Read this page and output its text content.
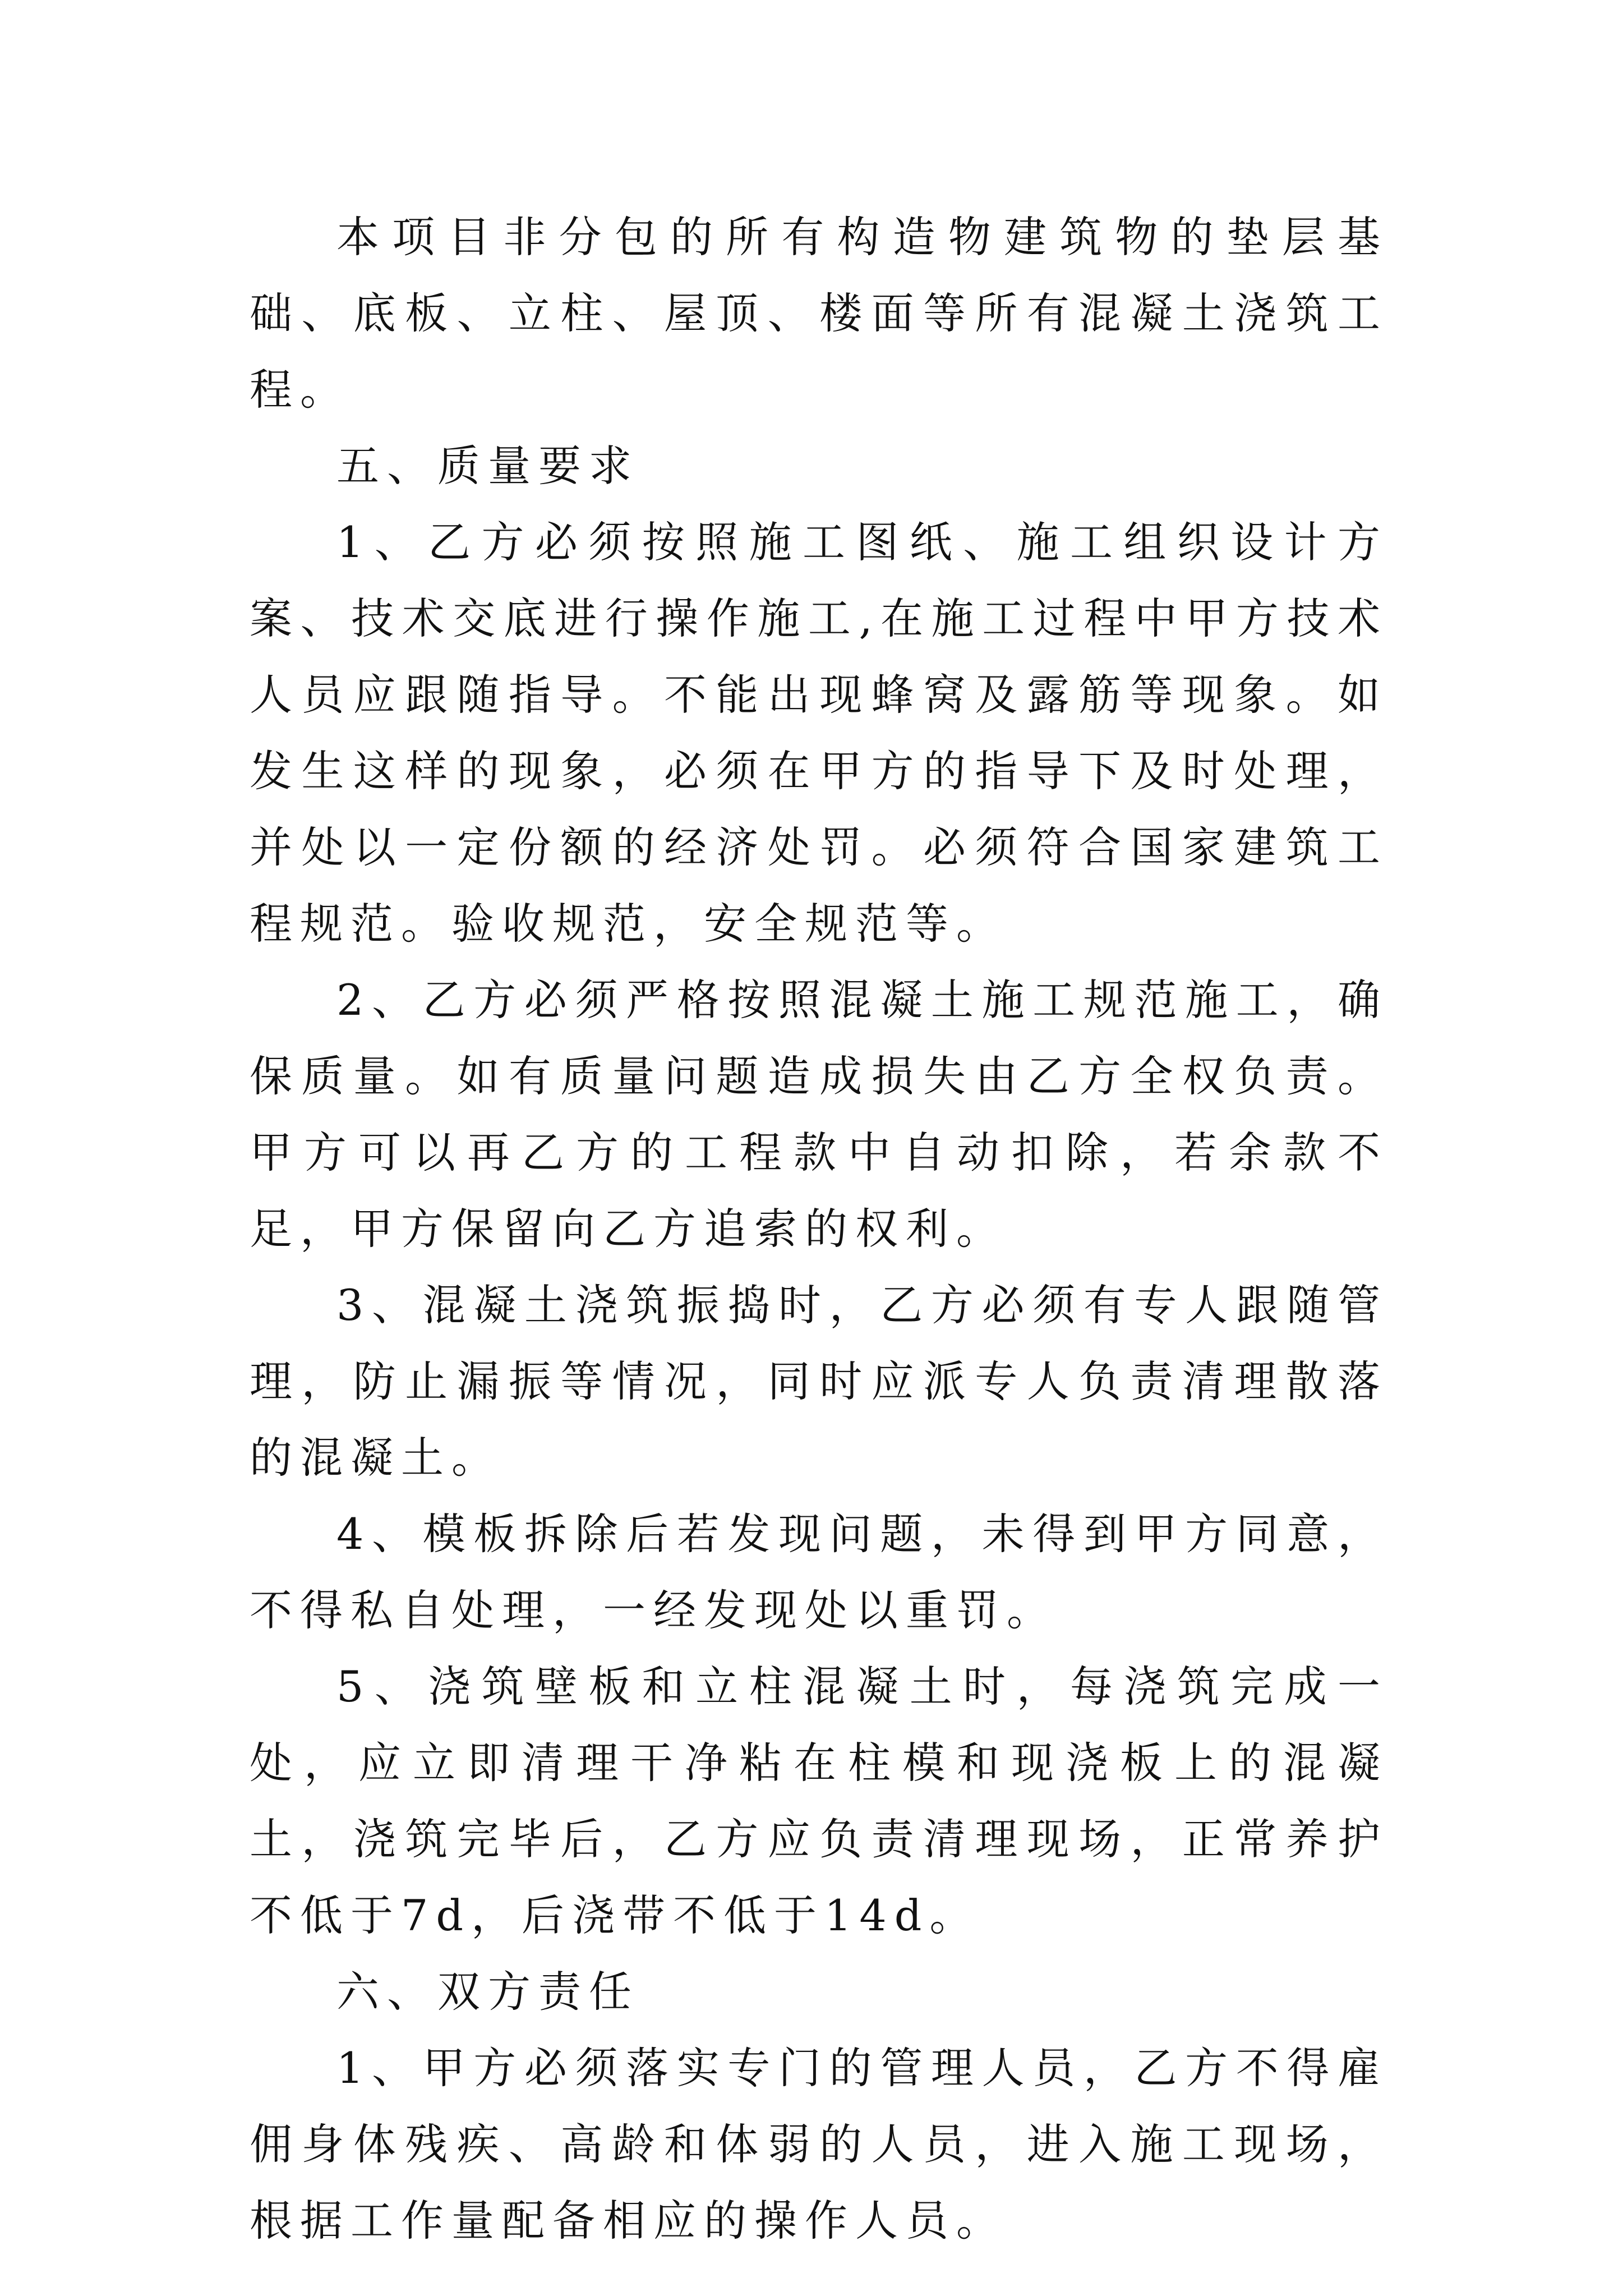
本项目非分包的所有构造物建筑物的垫层基础、底板、立柱、屋顶、楼面等所有混凝土浇筑工程。

五、质量要求

1、乙方必须按照施工图纸、施工组织设计方案、技术交底进行操作施工,在施工过程中甲方技术人员应跟随指导。不能出现蜂窝及露筋等现象。如发生这样的现象，必须在甲方的指导下及时处理，并处以一定份额的经济处罚。必须符合国家建筑工程规范。验收规范，安全规范等。

2、乙方必须严格按照混凝土施工规范施工，确保质量。如有质量问题造成损失由乙方全权负责。甲方可以再乙方的工程款中自动扣除，若余款不足，甲方保留向乙方追索的权利。

3、混凝土浇筑振捣时，乙方必须有专人跟随管理，防止漏振等情况，同时应派专人负责清理散落的混凝土。

4、模板拆除后若发现问题，未得到甲方同意，不得私自处理，一经发现处以重罚。

5、浇筑壁板和立柱混凝土时，每浇筑完成一处，应立即清理干净粘在柱模和现浇板上的混凝土，浇筑完毕后，乙方应负责清理现场，正常养护不低于7d，后浇带不低于14d。

六、双方责任

1、甲方必须落实专门的管理人员，乙方不得雇佣身体残疾、高龄和体弱的人员，进入施工现场，根据工作量配备相应的操作人员。
